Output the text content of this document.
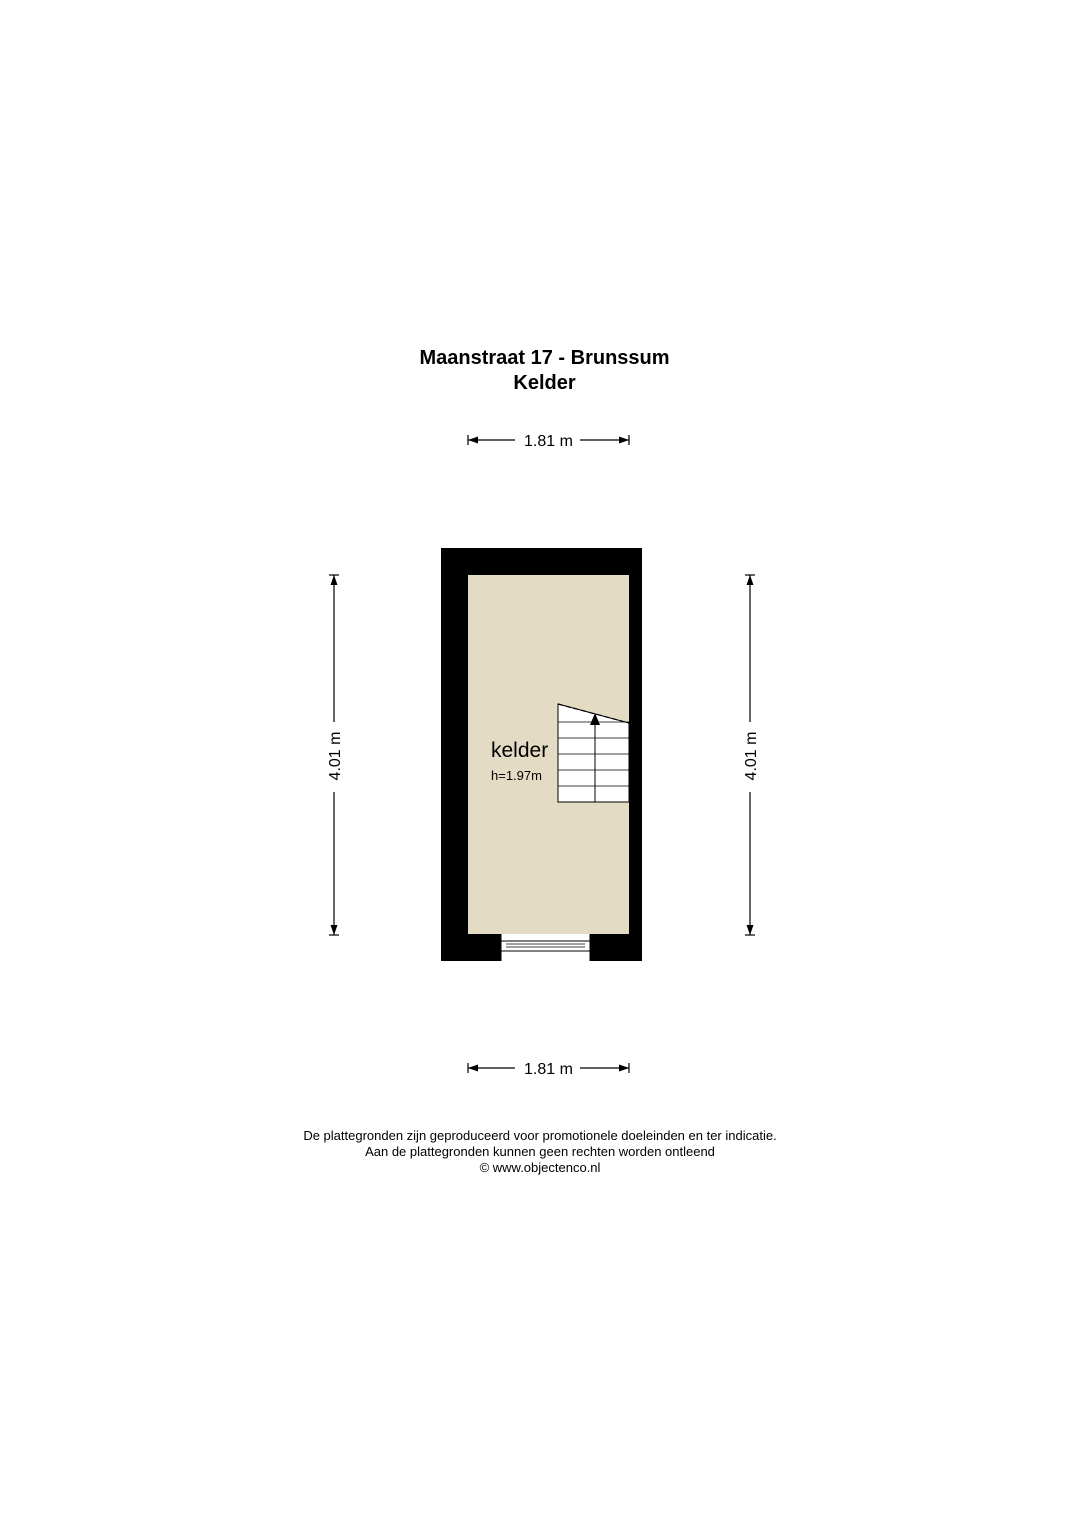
Maanstraat 17 - Brunssum
Kelder
1.81 m
1.81 m
4.01 m	4.01 m
kelder
h=1.97m
De plattegronden zijn geproduceerd voor promotionele doeleinden en ter indicatie.
Aan de plattegronden kunnen geen rechten worden ontleend
© www.objectenco.nl
